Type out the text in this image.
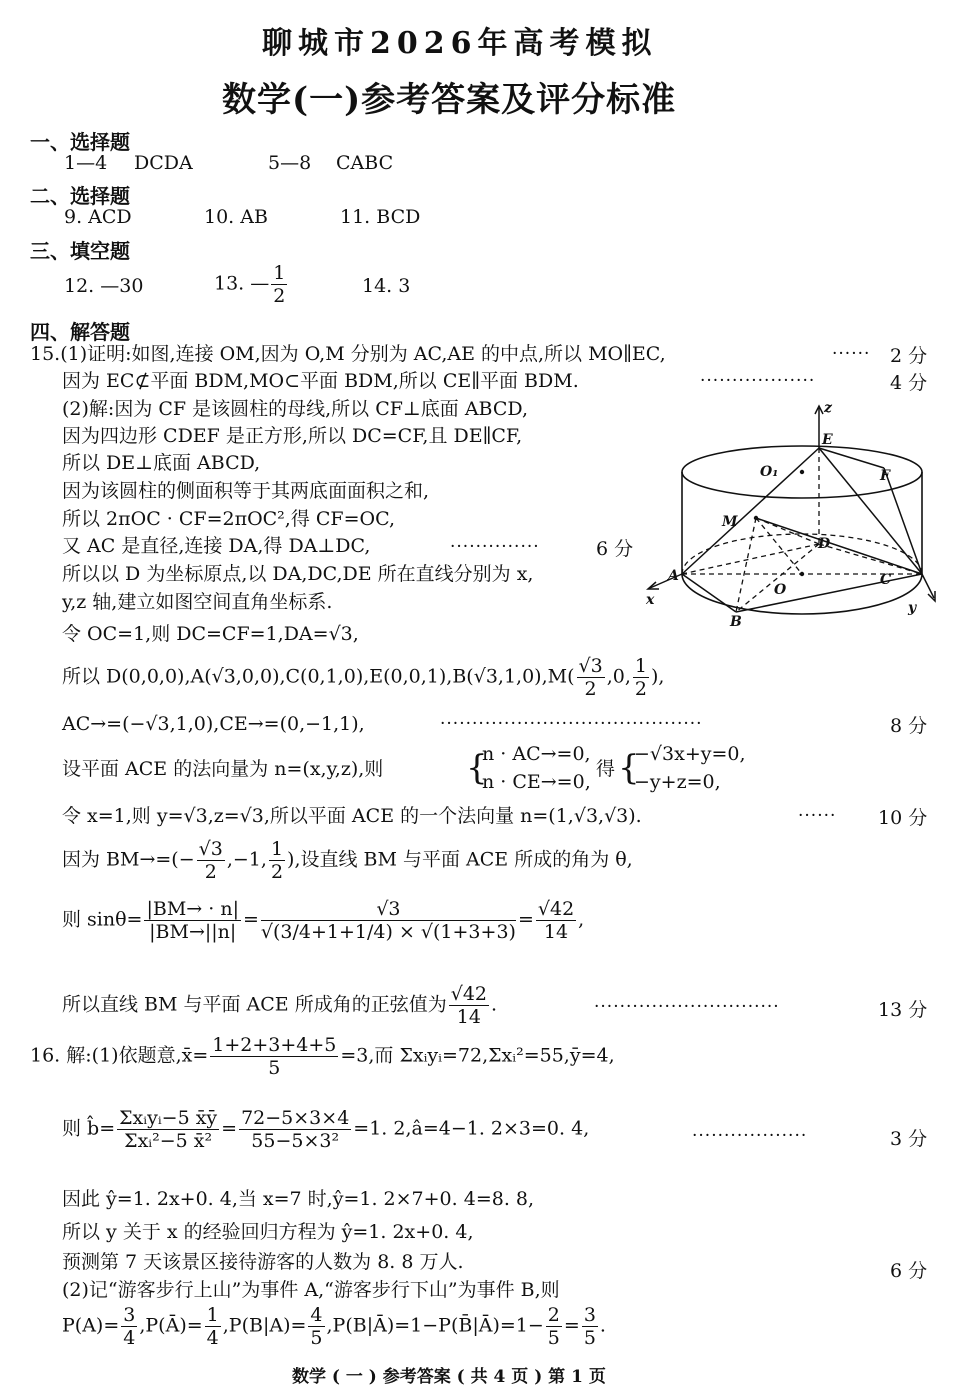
聊城市2026年高考模拟
数学(一)参考答案及评分标准
一、选择题
1—4 DCDA	5—8 CABC
二、选择题
9. ACD	10. AB	11. BCD
三、填空题
12. —30	13. — $\frac{1}{2}$	14. 3
四、解答题
15.(1)证明:如图,连接 OM,因为 O,M 分别为 AC,AE 的中点,所以 MO∥EC,	······ 2 分
因为 EC⊄平面 BDM,MO⊂平面 BDM,所以 CE∥平面 BDM.	··················	4 分
(2)解:因为 CF 是该圆柱的母线,所以 CF⊥底面 ABCD,
因为四边形 CDEF 是正方形,所以 DC=CF,且 DE∥CF,
所以 DE⊥底面 ABCD,
因为该圆柱的侧面积等于其两底面面积之和,
所以 2πOC · CF=2πOC²,得 CF=OC,
又 AC 是直径,连接 DA,得 DA⊥DC,	··············	6 分
所以以 D 为坐标原点,以 DA,DC,DE 所在直线分别为 x,
y,z 轴,建立如图空间直角坐标系.
令 OC=1,则 DC=CF=1,DA=√3,
所以 $D(0,0,0),A(√3,0,0),C(0,1,0),E(0,0,1),B(√3,1,0),M( \frac{√3}{2} ,0$, $\frac{1}{2}$ ),
AC→=(−√3,1,0),CE→=(0,−1,1),	·········································	8 分
设平面 ACE 的法向量为 n=(x,y,z),则 {
n · AC→=0,
n · CE→=0,
得 {
−√3x+y=0,
−y+z=0,
令 x=1,则 y=√3,z=√3,所以平面 ACE 的一个法向量 n=(1,√3,√3).	······ 10 分
因为 $BM\to=(- \frac{√3}{2} ,-1$, $\frac{1}{2}$ ),设直线 BM 与平面 ACE 所成的角为 θ,
则 $\sin\theta= \frac{|BM\to \cdot n|}{|BM\to||n|} = \frac{√3}{√(3/4+1+1/4) \times √(1+3+3)} = \frac{√42}{14}$ ,
所以直线 BM 与平面 ACE 所成角的正弦值为 $\frac{√42}{14}$ .	·····························	13 分
16. 解:(1)依题意,x̄= $\frac{1+2+3+4+5}{5} =3$,而 Σxᵢyᵢ=72,Σxᵢ²=55,ȳ=4,
则 b̂= Σxᵢyᵢ−5 x̄ȳ
Σxᵢ²−5 x̄²
= $\frac{72-5\times 3\times 4}{\text{55−5×3²}} =1$. 2,â=4−1. 2×3=0. 4,	··················	3 分
因此 ŷ=1. 2x+0. 4,当 x=7 时,ŷ=1. 2×7+0. 4=8. 8,
所以 y 关于 x 的经验回归方程为 ŷ=1. 2x+0. 4,
预测第 7 天该景区接待游客的人数为 8. 8 万人.	6 分
(2)记“游客步行上山”为事件 A,“游客步行下山”为事件 B,则
$P(A)= \frac{3}{4}$ ,P(Ā)= $\frac{1}{4} ,P(B|A)= \frac{4}{5}$ ,P(B|Ā)=1−P(B̄|Ā)=1− $\frac{2}{5} = \frac{3}{5}$ .
数学 ( 一 ) 参考答案 ( 共 4 页 ) 第 1 页
z
E
F
O₁
M
D
A	C
O
x	y
B
